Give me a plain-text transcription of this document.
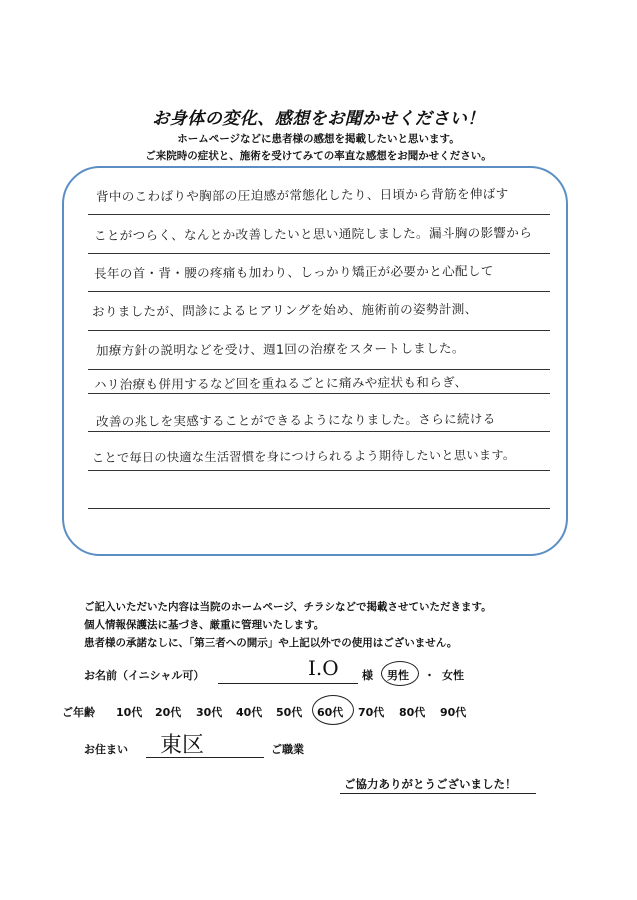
お身体の変化、感想をお聞かせください！
ホームページなどに患者様の感想を掲載したいと思います。
ご来院時の症状と、施術を受けてみての率直な感想をお聞かせください。
背中のこわばりや胸部の圧迫感が常態化したり、日頃から背筋を伸ばす
ことがつらく、なんとか改善したいと思い通院しました。漏斗胸の影響から
長年の首・背・腰の疼痛も加わり、しっかり矯正が必要かと心配して
おりましたが、問診によるヒアリングを始め、施術前の姿勢計測、
加療方針の説明などを受け、週1回の治療をスタートしました。
ハリ治療も併用するなど回を重ねるごとに痛みや症状も和らぎ、
改善の兆しを実感することができるようになりました。さらに続ける
ことで毎日の快適な生活習慣を身につけられるよう期待したいと思います。
ご記入いただいた内容は当院のホームページ、チラシなどで掲載させていただきます。
個人情報保護法に基づき、厳重に管理いたします。
患者様の承諾なしに、「第三者への開示」や上記以外での使用はございません。
お名前（イニシャル可）	I.O 様 男性 ・ 女性
ご年齢 10代 20代 30代 40代 50代 60代 70代 80代 90代
お住まい 東区	ご職業
ご協力ありがとうございました！
